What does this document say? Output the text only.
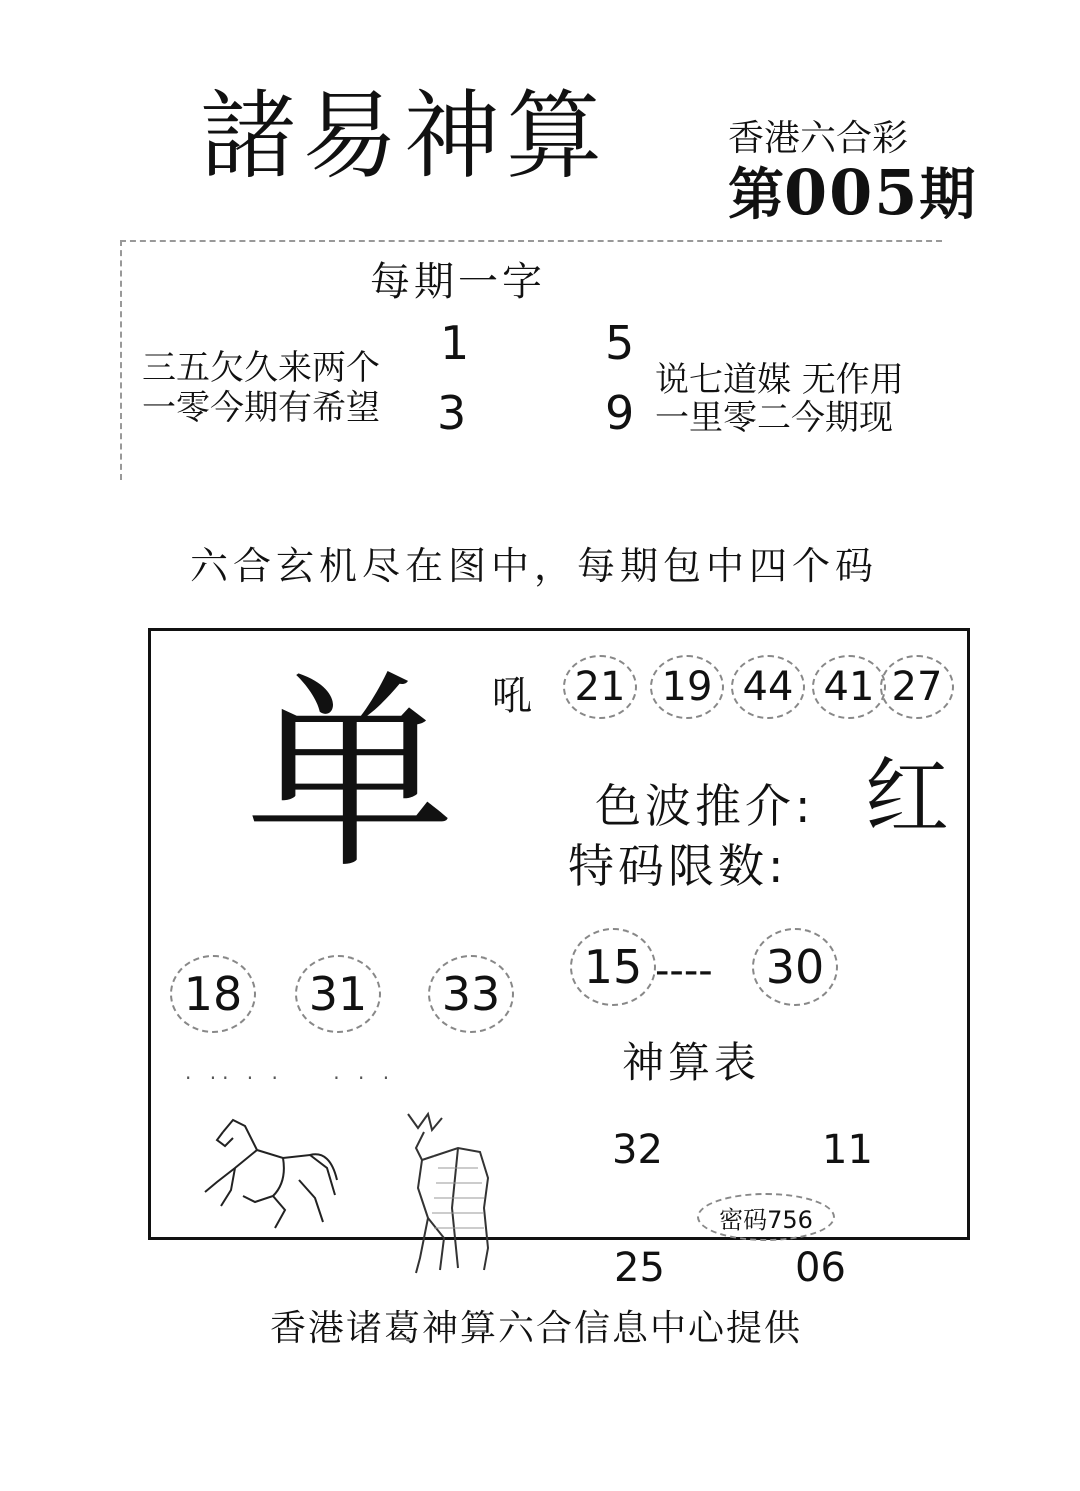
諸易神算	香港六合彩
第005期
每期一字
三五欠久来两个
一零今期有希望
说七道媒 无作用
一里零二今期现
1	5
3	9
六合玄机尽在图中，每期包中四个码
单 吼 21 19 44 41 27
色波推介: 红
特码限数:
15 ---- 30
18 31 33
. .. . .    . . .	神算表
32	11
25	06
密码756
香港诸葛神算六合信息中心提供
